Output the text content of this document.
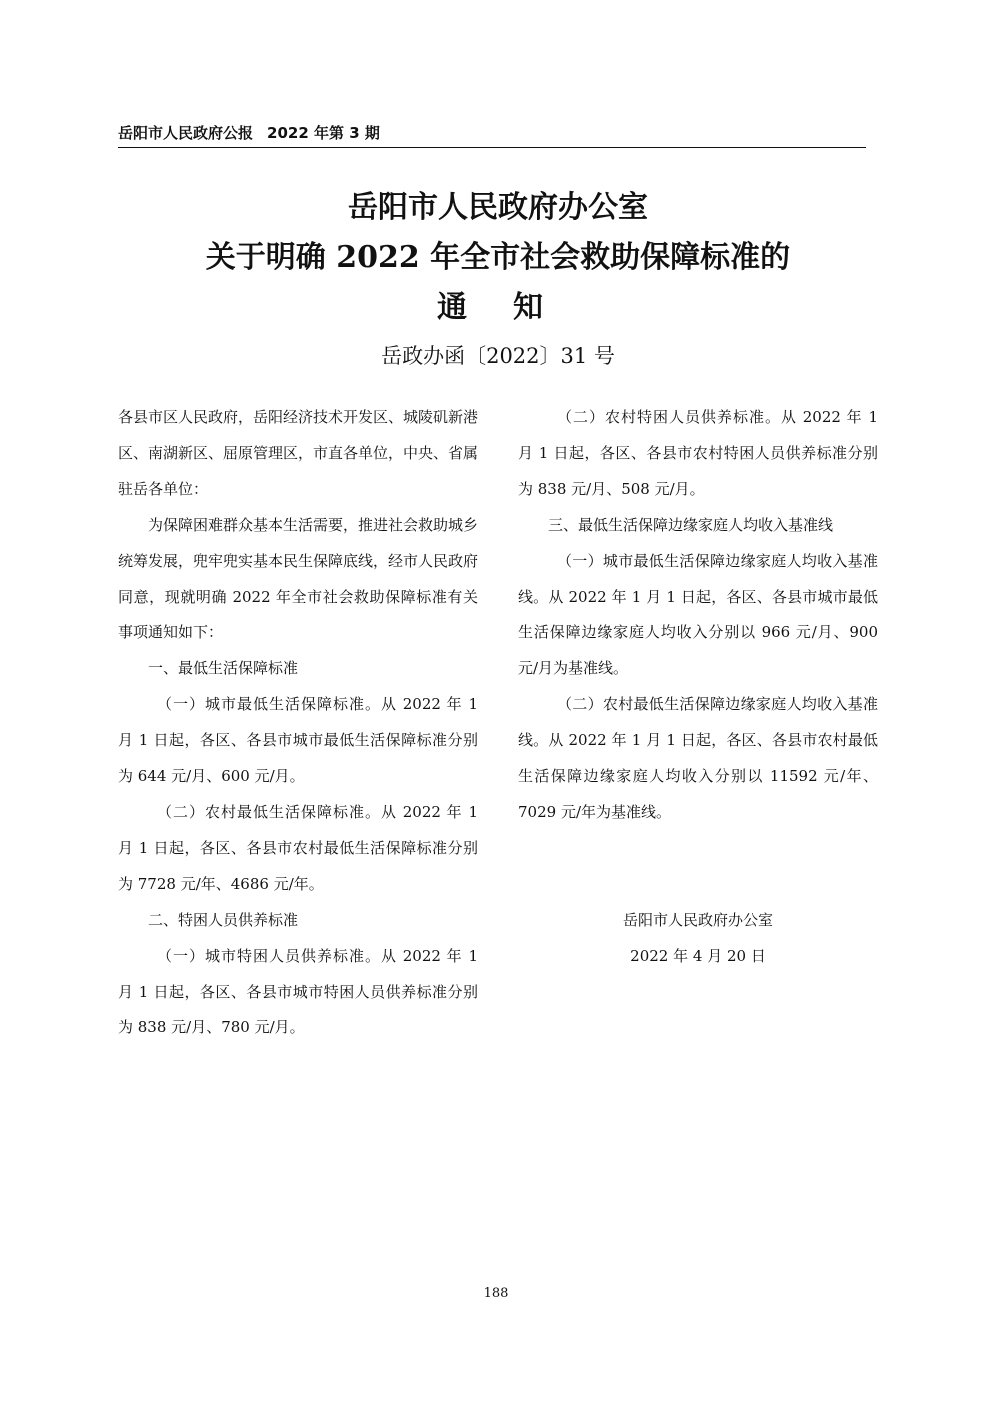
岳阳市人民政府公报 2022 年第 3 期
岳阳市人民政府办公室
关于明确 2022 年全市社会救助保障标准的
通知
岳政办函〔2022〕31 号

各县市区人民政府，岳阳经济技术开发区、城陵矶新港区、南湖新区、屈原管理区，市直各单位，中央、省属驻岳各单位：

为保障困难群众基本生活需要，推进社会救助城乡统筹发展，兜牢兜实基本民生保障底线，经市人民政府同意，现就明确 2022 年全市社会救助保障标准有关事项通知如下：

一、最低生活保障标准

（一）城市最低生活保障标准。从 2022 年 1 月 1 日起，各区、各县市城市最低生活保障标准分别为 644 元/月、600 元/月。

（二）农村最低生活保障标准。从 2022 年 1 月 1 日起，各区、各县市农村最低生活保障标准分别为 7728 元/年、4686 元/年。

二、特困人员供养标准

（一）城市特困人员供养标准。从 2022 年 1 月 1 日起，各区、各县市城市特困人员供养标准分别为 838 元/月、780 元/月。

（二）农村特困人员供养标准。从 2022 年 1 月 1 日起，各区、各县市农村特困人员供养标准分别为 838 元/月、508 元/月。

三、最低生活保障边缘家庭人均收入基准线

（一）城市最低生活保障边缘家庭人均收入基准线。从 2022 年 1 月 1 日起，各区、各县市城市最低生活保障边缘家庭人均收入分别以 966 元/月、900 元/月为基准线。

（二）农村最低生活保障边缘家庭人均收入基准线。从 2022 年 1 月 1 日起，各区、各县市农村最低生活保障边缘家庭人均收入分别以 11592 元/年、7029 元/年为基准线。

岳阳市人民政府办公室

2022 年 4 月 20 日

188
